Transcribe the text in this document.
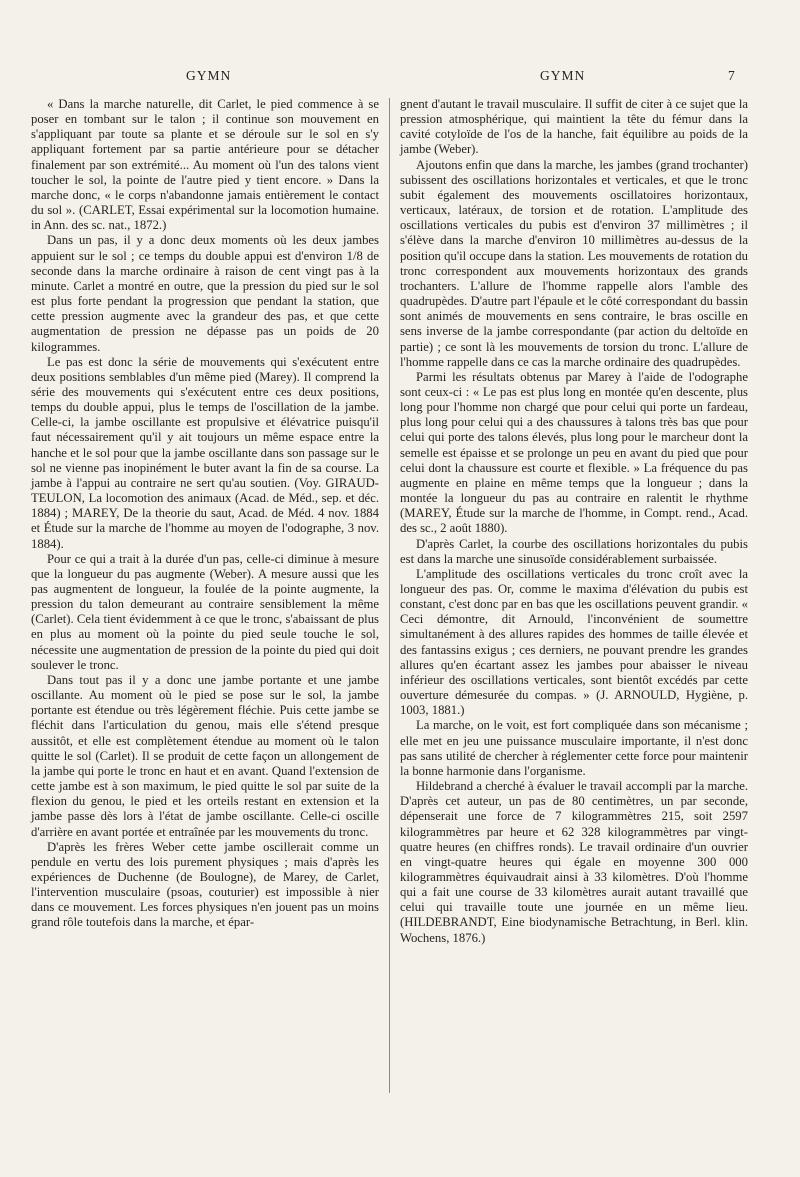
GYMN	GYMN	7

« Dans la marche naturelle, dit Carlet, le pied commence à se poser en tombant sur le talon ; il continue son mouvement en s'appliquant par toute sa plante et se déroule sur le sol en s'y appliquant fortement par sa partie antérieure pour se détacher finalement par son extrémité... Au moment où l'un des talons vient toucher le sol, la pointe de l'autre pied y tient encore. » Dans la marche donc, « le corps n'abandonne jamais entièrement le contact du sol ». (CARLET, Essai expérimental sur la locomotion humaine. in Ann. des sc. nat., 1872.)

Dans un pas, il y a donc deux moments où les deux jambes appuient sur le sol ; ce temps du double appui est d'environ 1/8 de seconde dans la marche ordinaire à raison de cent vingt pas à la minute. Carlet a montré en outre, que la pression du pied sur le sol est plus forte pendant la progression que pendant la station, que cette pression augmente avec la grandeur des pas, et que cette augmentation de pression ne dépasse pas un poids de 20 kilogrammes.

Le pas est donc la série de mouvements qui s'exécutent entre deux positions semblables d'un même pied (Marey). Il comprend la série des mouvements qui s'exécutent entre ces deux positions, temps du double appui, plus le temps de l'oscillation de la jambe. Celle-ci, la jambe oscillante est propulsive et élévatrice puisqu'il faut nécessairement qu'il y ait toujours un même espace entre la hanche et le sol pour que la jambe oscillante dans son passage sur le sol ne vienne pas inopinément le buter avant la fin de sa course. La jambe à l'appui au contraire ne sert qu'au soutien. (Voy. GIRAUD-TEULON, La locomotion des animaux (Acad. de Méd., sep. et déc. 1884) ; MAREY, De la theorie du saut, Acad. de Méd. 4 nov. 1884 et Étude sur la marche de l'homme au moyen de l'odographe, 3 nov. 1884).

Pour ce qui a trait à la durée d'un pas, celle-ci diminue à mesure que la longueur du pas augmente (Weber). A mesure aussi que les pas augmentent de longueur, la foulée de la pointe augmente, la pression du talon demeurant au contraire sensiblement la même (Carlet). Cela tient évidemment à ce que le tronc, s'abaissant de plus en plus au moment où la pointe du pied seule touche le sol, nécessite une augmentation de pression de la pointe du pied qui doit soulever le tronc.

Dans tout pas il y a donc une jambe portante et une jambe oscillante. Au moment où le pied se pose sur le sol, la jambe portante est étendue ou très légèrement fléchie. Puis cette jambe se fléchit dans l'articulation du genou, mais elle s'étend presque aussitôt, et elle est complètement étendue au moment où le talon quitte le sol (Carlet). Il se produit de cette façon un allongement de la jambe qui porte le tronc en haut et en avant. Quand l'extension de cette jambe est à son maximum, le pied quitte le sol par suite de la flexion du genou, le pied et les orteils restant en extension et la jambe passe dès lors à l'état de jambe oscillante. Celle-ci oscille d'arrière en avant portée et entraînée par les mouvements du tronc.

D'après les frères Weber cette jambe oscillerait comme un pendule en vertu des lois purement physiques ; mais d'après les expériences de Duchenne (de Boulogne), de Marey, de Carlet, l'intervention musculaire (psoas, couturier) est impossible à nier dans ce mouvement. Les forces physiques n'en jouent pas un moins grand rôle toutefois dans la marche, et épar-

gnent d'autant le travail musculaire. Il suffit de citer à ce sujet que la pression atmosphérique, qui maintient la tête du fémur dans la cavité cotyloïde de l'os de la hanche, fait équilibre au poids de la jambe (Weber).

Ajoutons enfin que dans la marche, les jambes (grand trochanter) subissent des oscillations horizontales et verticales, et que le tronc subit également des mouvements oscillatoires horizontaux, verticaux, latéraux, de torsion et de rotation. L'amplitude des oscillations verticales du pubis est d'environ 37 millimètres ; il s'élève dans la marche d'environ 10 millimètres au-dessus de la position qu'il occupe dans la station. Les mouvements de rotation du tronc correspondent aux mouvements horizontaux des grands trochanters. L'allure de l'homme rappelle alors l'amble des quadrupèdes. D'autre part l'épaule et le côté correspondant du bassin sont animés de mouvements en sens contraire, le bras oscille en sens inverse de la jambe correspondante (par action du deltoïde en partie) ; ce sont là les mouvements de torsion du tronc. L'allure de l'homme rappelle dans ce cas la marche ordinaire des quadrupèdes.

Parmi les résultats obtenus par Marey à l'aide de l'odographe sont ceux-ci : « Le pas est plus long en montée qu'en descente, plus long pour l'homme non chargé que pour celui qui porte un fardeau, plus long pour celui qui a des chaussures à talons très bas que pour celui qui porte des talons élevés, plus long pour le marcheur dont la semelle est épaisse et se prolonge un peu en avant du pied que pour celui dont la chaussure est courte et flexible. » La fréquence du pas augmente en plaine en même temps que la longueur ; dans la montée la longueur du pas au contraire en ralentit le rhythme (MAREY, Étude sur la marche de l'homme, in Compt. rend., Acad. des sc., 2 août 1880).

D'après Carlet, la courbe des oscillations horizontales du pubis est dans la marche une sinusoïde considérablement surbaissée.

L'amplitude des oscillations verticales du tronc croît avec la longueur des pas. Or, comme le maxima d'élévation du pubis est constant, c'est donc par en bas que les oscillations peuvent grandir. « Ceci démontre, dit Arnould, l'inconvénient de soumettre simultanément à des allures rapides des hommes de taille élevée et des fantassins exigus ; ces derniers, ne pouvant prendre les grandes allures qu'en écartant assez les jambes pour abaisser le niveau inférieur des oscillations verticales, sont bientôt excédés par cette ouverture démesurée du compas. » (J. ARNOULD, Hygiène, p. 1003, 1881.)

La marche, on le voit, est fort compliquée dans son mécanisme ; elle met en jeu une puissance musculaire importante, il n'est donc pas sans utilité de chercher à réglementer cette force pour maintenir la bonne harmonie dans l'organisme.

Hildebrand a cherché à évaluer le travail accompli par la marche. D'après cet auteur, un pas de 80 centimètres, un par seconde, dépenserait une force de 7 kilogrammètres 215, soit 2597 kilogrammètres par heure et 62 328 kilogrammètres par vingt-quatre heures (en chiffres ronds). Le travail ordinaire d'un ouvrier en vingt-quatre heures qui égale en moyenne 300 000 kilogrammètres équivaudrait ainsi à 33 kilomètres. D'où l'homme qui a fait une course de 33 kilomètres aurait autant travaillé que celui qui travaille toute une journée en un même lieu. (HILDEBRANDT, Eine biodynamische Betrachtung, in Berl. klin. Wochens, 1876.)
